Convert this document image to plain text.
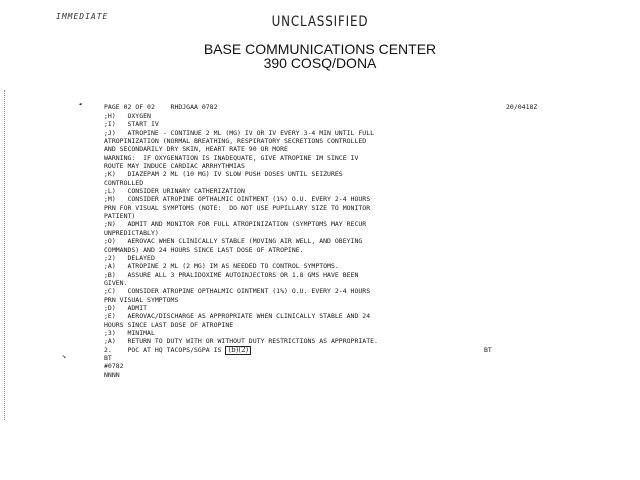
IMMEDIATE	UNCLASSIFIED
BASE COMMUNICATIONS CENTER
390 COSQ/DONA
◂	PAGE 02 OF 02 RHDJGAA 0782	20/0418Z
;H)   OXYGEN
;I)   START IV
;J)   ATROPINE - CONTINUE 2 ML (MG) IV OR IV EVERY 3-4 MIN UNTIL FULL
ATROPINIZATION (NORMAL BREATHING, RESPIRATORY SECRETIONS CONTROLLED
AND SECONDARILY DRY SKIN, HEART RATE 90 OR MORE
WARNING:  IF OXYGENATION IS INADEQUATE, GIVE ATROPINE IM SINCE IV
ROUTE MAY INDUCE CARDIAC ARRHYTHMIAS
;K)   DIAZEPAM 2 ML (10 MG) IV SLOW PUSH DOSES UNTIL SEIZURES
CONTROLLED
;L)   CONSIDER URINARY CATHERIZATION
;M)   CONSIDER ATROPINE OPTHALMIC OINTMENT (1%) O.U. EVERY 2-4 HOURS
PRN FOR VISUAL SYMPTOMS (NOTE:  DO NOT USE PUPILLARY SIZE TO MONITOR
PATIENT)
;N)   ADMIT AND MONITOR FOR FULL ATROPINIZATION (SYMPTOMS MAY RECUR
UNPREDICTABLY)
;O)   AEROVAC WHEN CLINICALLY STABLE (MOVING AIR WELL, AND OBEYING
COMMANDS) AND 24 HOURS SINCE LAST DOSE OF ATROPINE.
;2)   DELAYED
;A)   ATROPINE 2 ML (2 MG) IM AS NEEDED TO CONTROL SYMPTOMS.
;B)   ASSURE ALL 3 PRALIDOXIME AUTOINJECTORS OR 1.8 GMS HAVE BEEN
GIVEN.
;C)   CONSIDER ATROPINE OPTHALMIC OINTMENT (1%) O.U. EVERY 2-4 HOURS
PRN VISUAL SYMPTOMS
;D)   ADMIT
;E)   AEROVAC/DISCHARGE AS APPROPRIATE WHEN CLINICALLY STABLE AND 24
HOURS SINCE LAST DOSE OF ATROPINE
;3)   MINIMAL
;A)   RETURN TO DUTY WITH OR WITHOUT DUTY RESTRICTIONS AS APPROPRIATE.
2.    POC AT HQ TACOPS/SGPA IS (b)(2)	BT
BT
#0782
NNNN
↘
